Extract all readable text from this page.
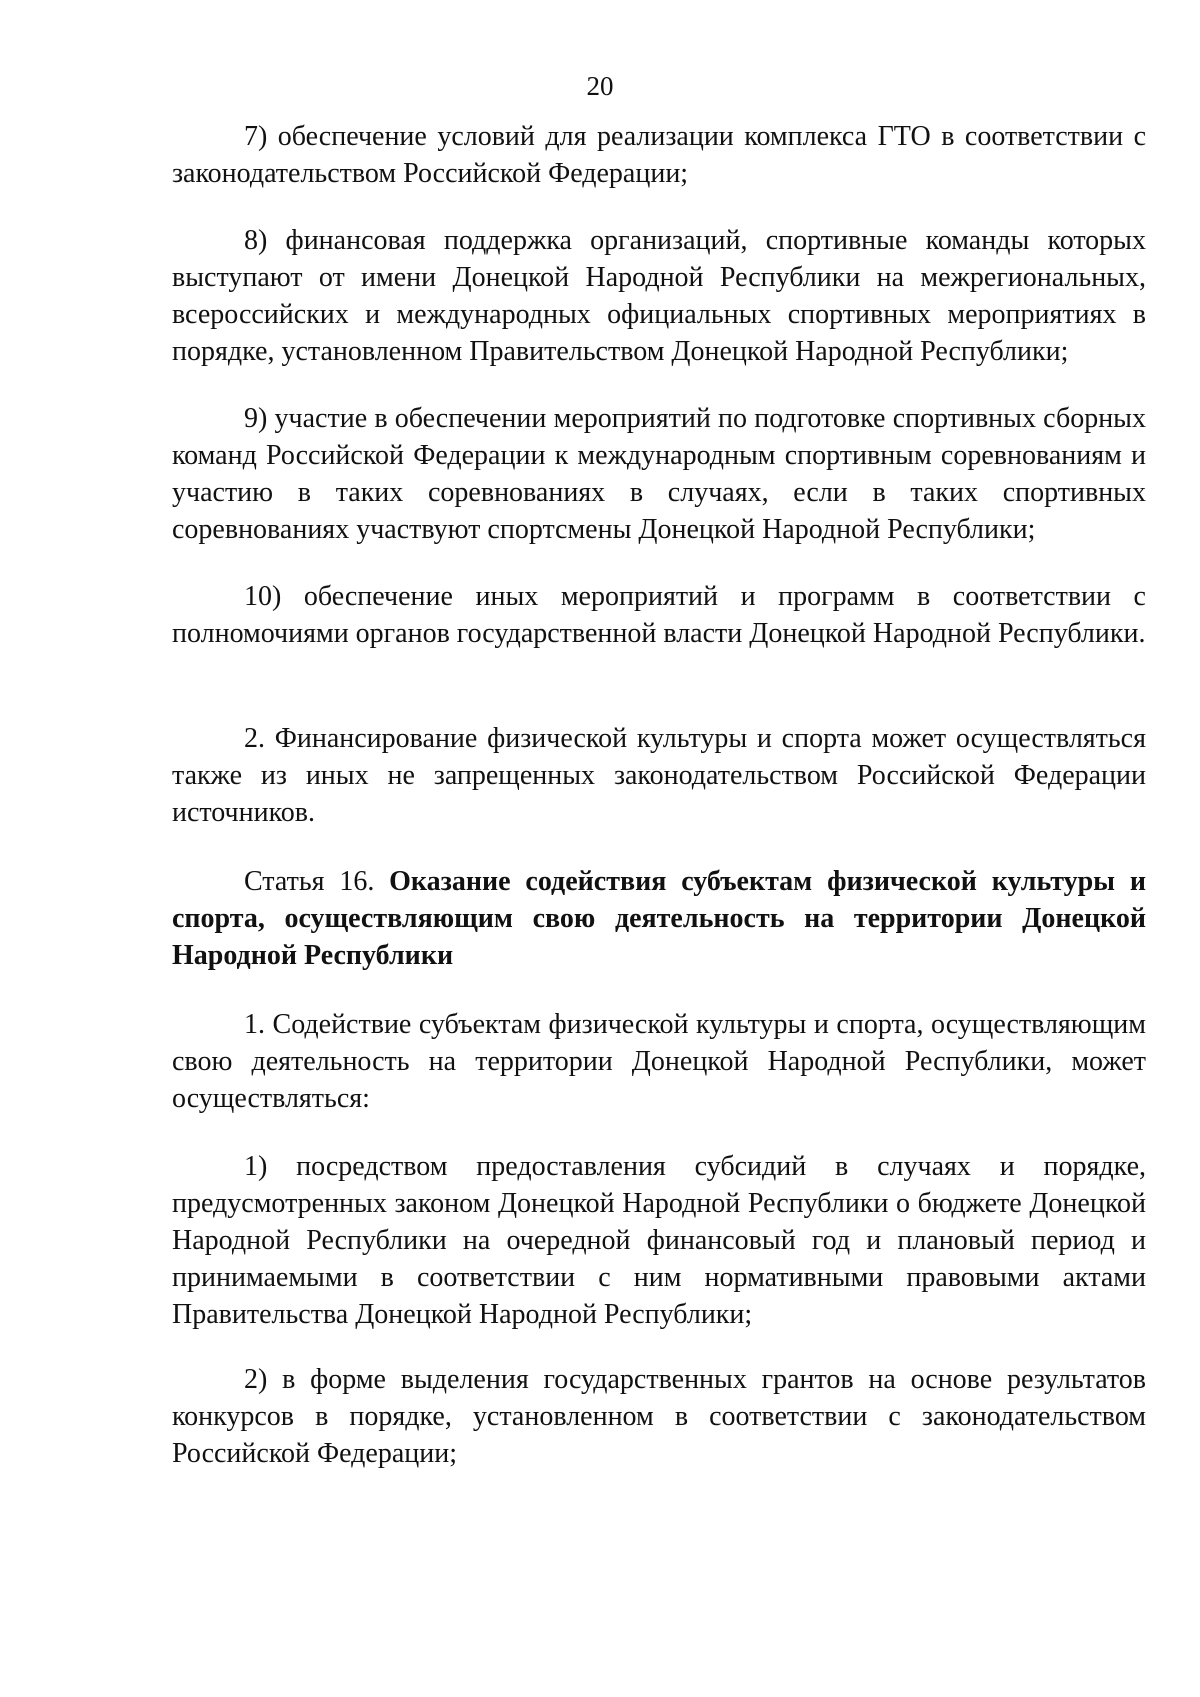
20

7) обеспечение условий для реализации комплекса ГТО в соответствии с законодательством Российской Федерации;

8) финансовая поддержка организаций, спортивные команды которых выступают от имени Донецкой Народной Республики на межрегиональных, всероссийских и международных официальных спортивных мероприятиях в порядке, установленном Правительством Донецкой Народной Республики;

9) участие в обеспечении мероприятий по подготовке спортивных сборных команд Российской Федерации к международным спортивным соревнованиям и участию в таких соревнованиях в случаях, если в таких спортивных соревнованиях участвуют спортсмены Донецкой Народной Республики;

10) обеспечение иных мероприятий и программ в соответствии с полномочиями органов государственной власти Донецкой Народной Республики.

2. Финансирование физической культуры и спорта может осуществляться также из иных не запрещенных законодательством Российской Федерации источников.

Статья 16. Оказание содействия субъектам физической культуры и спорта, осуществляющим свою деятельность на территории Донецкой Народной Республики

1. Содействие субъектам физической культуры и спорта, осуществляющим свою деятельность на территории Донецкой Народной Республики, может осуществляться:

1) посредством предоставления субсидий в случаях и порядке, предусмотренных законом Донецкой Народной Республики о бюджете Донецкой Народной Республики на очередной финансовый год и плановый период и принимаемыми в соответствии с ним нормативными правовыми актами Правительства Донецкой Народной Республики;

2) в форме выделения государственных грантов на основе результатов конкурсов в порядке, установленном в соответствии с законодательством Российской Федерации;
